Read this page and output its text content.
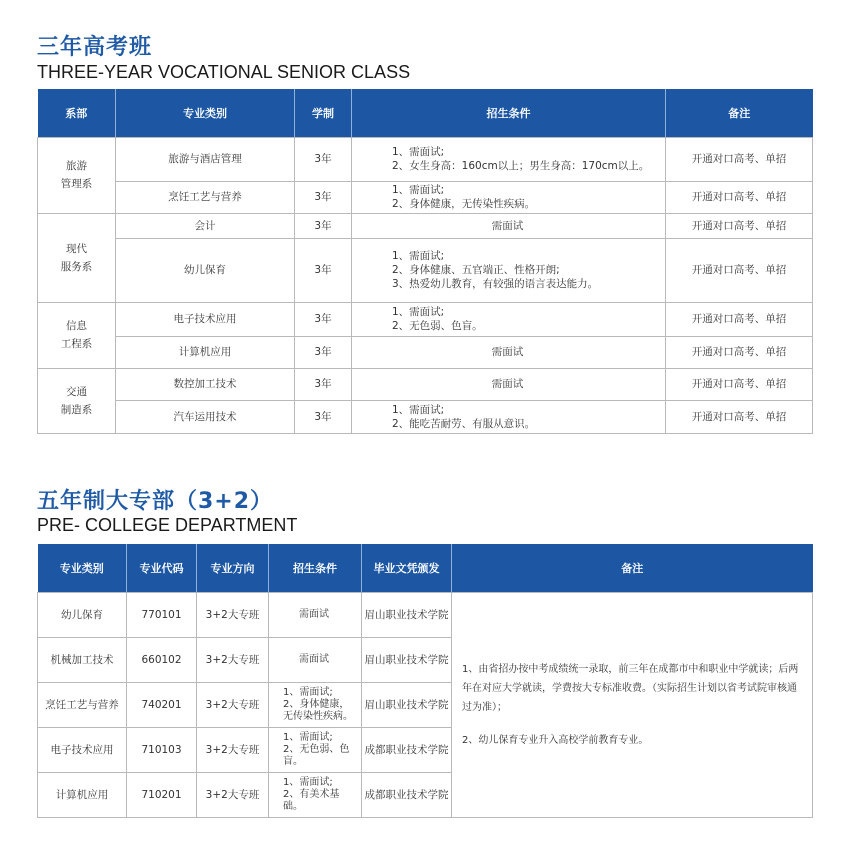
三年高考班
THREE-YEAR VOCATIONAL SENIOR CLASS
系部	专业类别	学制	招生条件	备注
旅游
管理系	旅游与酒店管理	3年	1、需面试;
2、女生身高：160cm以上；男生身高：170cm以上。	开通对口高考、单招
	烹饪工艺与营养	3年	1、需面试;
2、身体健康，无传染性疾病。	开通对口高考、单招
现代
服务系	会计	3年	需面试	开通对口高考、单招
	幼儿保育	3年	1、需面试;
2、身体健康、五官端正、性格开朗;
3、热爱幼儿教育，有较强的语言表达能力。	开通对口高考、单招
信息
工程系	电子技术应用	3年	1、需面试;
2、无色弱、色盲。	开通对口高考、单招
	计算机应用	3年	需面试	开通对口高考、单招
交通
制造系	数控加工技术	3年	需面试	开通对口高考、单招
	汽车运用技术	3年	1、需面试;
2、能吃苦耐劳、有服从意识。	开通对口高考、单招
五年制大专部（3+2）
PRE- COLLEGE DEPARTMENT
专业类别	专业代码	专业方向	招生条件	毕业文凭颁发	备注
幼儿保育	770101	3+2大专班	需面试	眉山职业技术学院	1、由省招办按中考成绩统一录取，前三年在成都市中和职业中学就读；后两年在对应大学就读，学费按大专标准收费。（实际招生计划以省考试院审核通过为准）；

2、幼儿保育专业升入高校学前教育专业。

机械加工技术	660102	3+2大专班	需面试	眉山职业技术学院	
烹饪工艺与营养	740201	3+2大专班	1、需面试;
2、身体健康，
无传染性疾病。	眉山职业技术学院	
电子技术应用	710103	3+2大专班	1、需面试;
2、无色弱、色盲。	成都职业技术学院	
计算机应用	710201	3+2大专班	1、需面试;
2、有美术基础。	成都职业技术学院	
